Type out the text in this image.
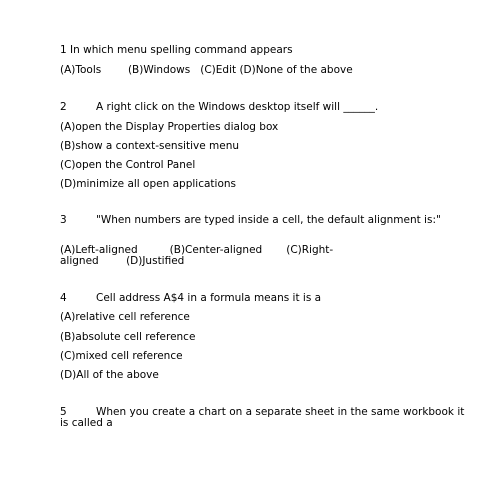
1 In which menu spelling command appears
(A)Tools	(B)Windows (C)Edit (D)None of the above
2	A right click on the Windows desktop itself will ______.
(A)open the Display Properties dialog box
(B)show a context-sensitive menu
(C)open the Control Panel
(D)minimize all open applications
3	"When numbers are typed inside a cell, the default alignment is:"
(A)Left-aligned	(B)Center-aligned (C)Right-aligned	(D)Justified
4	Cell address A$4 in a formula means it is a
(A)relative cell reference
(B)absolute cell reference
(C)mixed cell reference
(D)All of the above
5	When you create a chart on a separate sheet in the same workbook it is called a
